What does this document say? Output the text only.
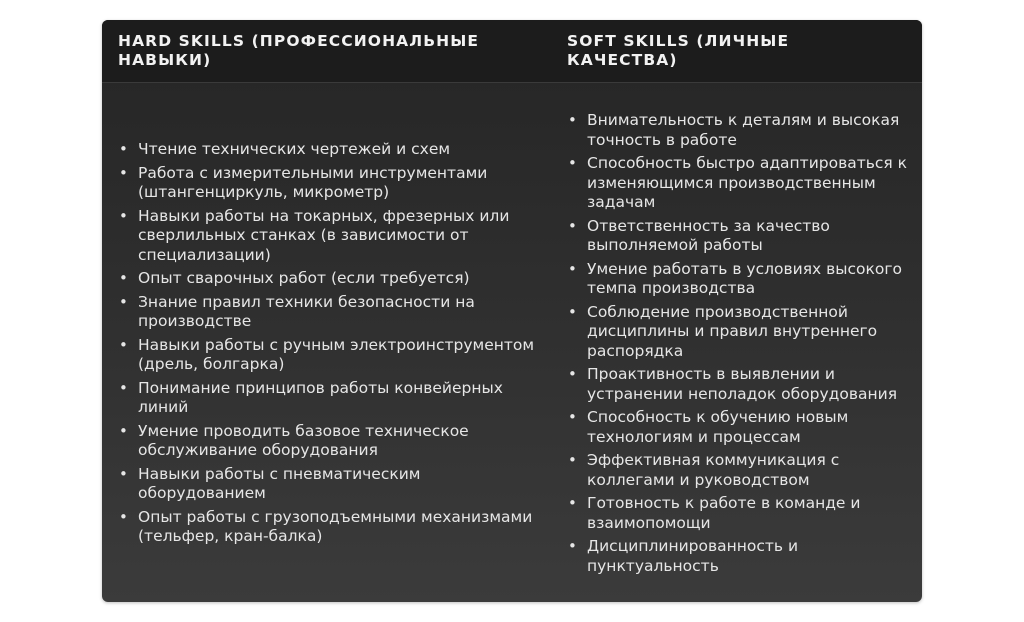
HARD SKILLS (ПРОФЕССИОНАЛЬНЫЕ НАВЫКИ)
SOFT SKILLS (ЛИЧНЫЕ КАЧЕСТВА)
• Чтение технических чертежей и схем
• Работа с измерительными инструментами (штангенциркуль, микрометр)
• Навыки работы на токарных, фрезерных или сверлильных станках (в зависимости от специализации)
• Опыт сварочных работ (если требуется)
• Знание правил техники безопасности на производстве
• Навыки работы с ручным электроинструментом (дрель, болгарка)
• Понимание принципов работы конвейерных линий
• Умение проводить базовое техническое обслуживание оборудования
• Навыки работы с пневматическим оборудованием
• Опыт работы с грузоподъемными механизмами (тельфер, кран-балка)
• Внимательность к деталям и высокая точность в работе
• Способность быстро адаптироваться к изменяющимся производственным задачам
• Ответственность за качество выполняемой работы
• Умение работать в условиях высокого темпа производства
• Соблюдение производственной дисциплины и правил внутреннего распорядка
• Проактивность в выявлении и устранении неполадок оборудования
• Способность к обучению новым технологиям и процессам
• Эффективная коммуникация с коллегами и руководством
• Готовность к работе в команде и взаимопомощи
• Дисциплинированность и пунктуальность
